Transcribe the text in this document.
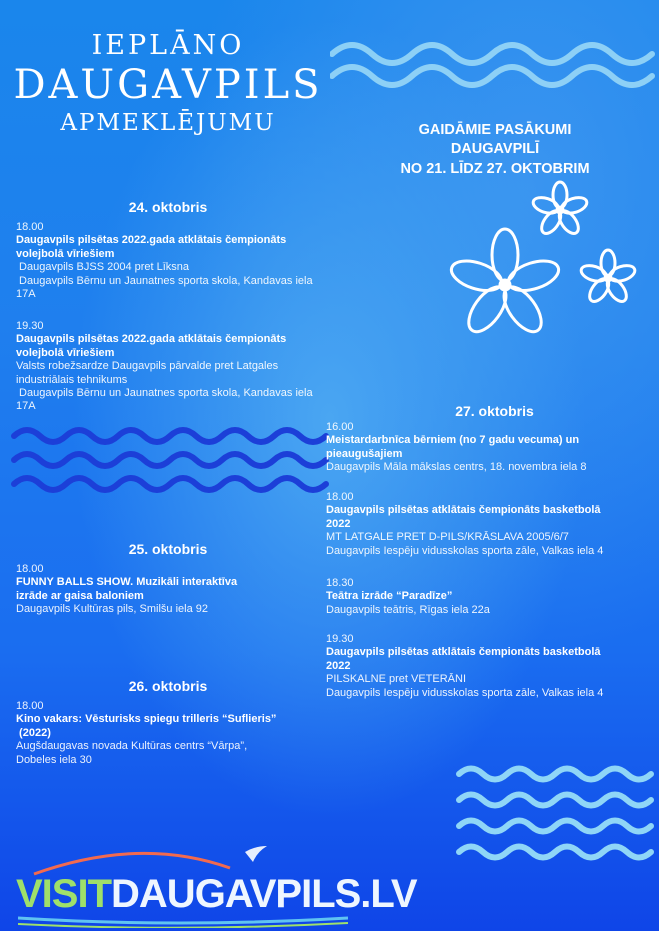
IEPLĀNO
DAUGAVPILS
APMEKLĒJUMU	GAIDĀMIE PASĀKUMI
DAUGAVPILĪ
NO 21. LĪDZ 27. OKTOBRIM
24. oktobris
18.00
Daugavpils pilsētas 2022.gada atklātais čempionāts
volejbolā vīriešiem
Daugavpils BJSS 2004 pret Līksna
Daugavpils Bērnu un Jaunatnes sporta skola, Kandavas iela
17A
19.30
Daugavpils pilsētas 2022.gada atklātais čempionāts
volejbolā vīriešiem
Valsts robežsardze Daugavpils pārvalde pret Latgales
industriālais tehnikums
Daugavpils Bērnu un Jaunatnes sporta skola, Kandavas iela
17A
25. oktobris
18.00
FUNNY BALLS SHOW. Muzikāli interaktīva
izrāde ar gaisa baloniem
Daugavpils Kultūras pils, Smilšu iela 92
26. oktobris
18.00
Kino vakars: Vēsturisks spiegu trilleris “Suflieris”
(2022)
Augšdaugavas novada Kultūras centrs “Vārpa”,
Dobeles iela 30
27. oktobris
16.00
Meistardarbnīca bērniem (no 7 gadu vecuma) un
pieaugušajiem
Daugavpils Māla mākslas centrs, 18. novembra iela 8
18.00
Daugavpils pilsētas atklātais čempionāts basketbolā
2022
MT LATGALE PRET D-PILS/KRĀSLAVA 2005/6/7
Daugavpils Iespēju vidusskolas sporta zāle, Valkas iela 4
18.30
Teātra izrāde “Paradīze”
Daugavpils teātris, Rīgas iela 22a
19.30
Daugavpils pilsētas atklātais čempionāts basketbolā
2022
PILSKALNE pret VETERĀNI
Daugavpils Iespēju vidusskolas sporta zāle, Valkas iela 4
VISITDAUGAVPILS.LV
